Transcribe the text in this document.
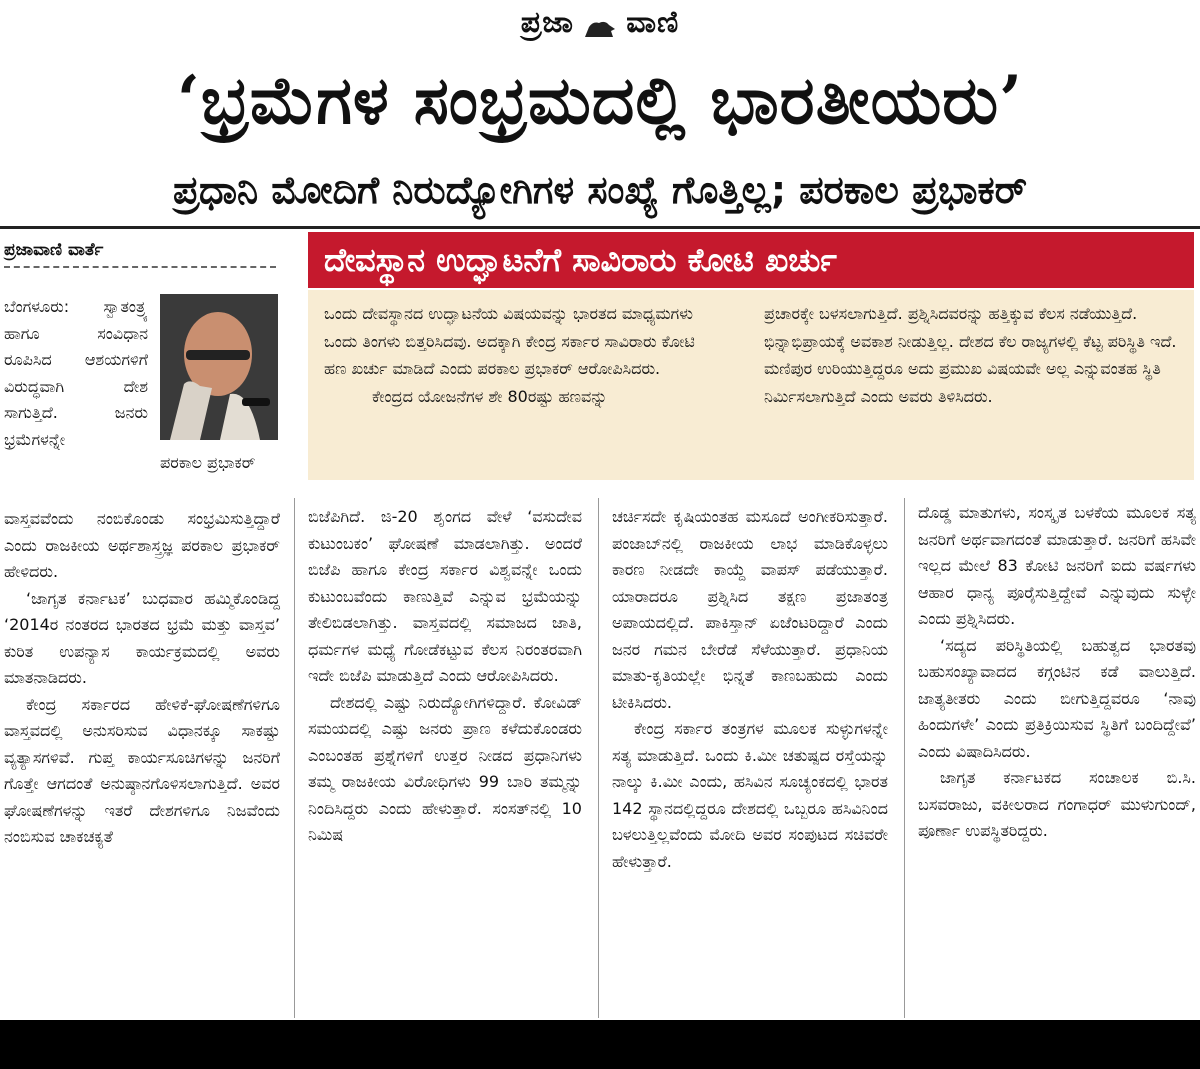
ಪ್ರಜಾ ವಾಣಿ
‘ಭ್ರಮೆಗಳ ಸಂಭ್ರಮದಲ್ಲಿ ಭಾರತೀಯರು’
ಪ್ರಧಾನಿ ಮೋದಿಗೆ ನಿರುದ್ಯೋಗಿಗಳ ಸಂಖ್ಯೆ ಗೊತ್ತಿಲ್ಲ; ಪರಕಾಲ ಪ್ರಭಾಕರ್
ಪ್ರಜಾವಾಣಿ ವಾರ್ತೆ	ದೇವಸ್ಥಾನ ಉದ್ಘಾಟನೆಗೆ ಸಾವಿರಾರು ಕೋಟಿ ಖರ್ಚು
ಒಂದು ದೇವಸ್ಥಾನದ ಉದ್ಘಾಟನೆಯ ವಿಷಯವನ್ನು ಭಾರತದ ಮಾಧ್ಯಮಗಳು ಒಂದು ತಿಂಗಳು ಬಿತ್ತರಿಸಿದವು. ಅದಕ್ಕಾಗಿ ಕೇಂದ್ರ ಸರ್ಕಾರ ಸಾವಿರಾರು ಕೋಟಿ ಹಣ ಖರ್ಚು ಮಾಡಿದೆ ಎಂದು ಪರಕಾಲ ಪ್ರಭಾಕರ್ ಆರೋಪಿಸಿದರು.
ಕೇಂದ್ರದ ಯೋಜನೆಗಳ ಶೇ 80ರಷ್ಟು ಹಣವನ್ನು
ಪ್ರಚಾರಕ್ಕೇ ಬಳಸಲಾಗುತ್ತಿದೆ. ಪ್ರಶ್ನಿಸಿದವರನ್ನು ಹತ್ತಿಕ್ಕುವ ಕೆಲಸ ನಡೆಯುತ್ತಿದೆ. ಭಿನ್ನಾಭಿಪ್ರಾಯಕ್ಕೆ ಅವಕಾಶ ನೀಡುತ್ತಿಲ್ಲ. ದೇಶದ ಕೆಲ ರಾಜ್ಯಗಳಲ್ಲಿ ಕೆಟ್ಟ ಪರಿಸ್ಥಿತಿ ಇದೆ. ಮಣಿಪುರ ಉರಿಯುತ್ತಿದ್ದರೂ ಅದು ಪ್ರಮುಖ ವಿಷಯವೇ ಅಲ್ಲ ಎನ್ನುವಂತಹ ಸ್ಥಿತಿ ನಿರ್ಮಿಸಲಾಗುತ್ತಿದೆ ಎಂದು ಅವರು ತಿಳಿಸಿದರು.
ಪರಕಾಲ ಪ್ರಭಾಕರ್

ಬೆಂಗಳೂರು: ಸ್ವಾತಂತ್ರ್ಯ ಹಾಗೂ ಸಂವಿಧಾನ ರೂಪಿಸಿದ ಆಶಯಗಳಿಗೆ ವಿರುದ್ಧವಾಗಿ ದೇಶ ಸಾಗುತ್ತಿದೆ. ಜನರು ಭ್ರಮೆಗಳನ್ನೇ

ವಾಸ್ತವವೆಂದು ನಂಬಿಕೊಂಡು ಸಂಭ್ರಮಿಸುತ್ತಿದ್ದಾರೆ ಎಂದು ರಾಜಕೀಯ ಅರ್ಥಶಾಸ್ತ್ರಜ್ಞ ಪರಕಾಲ ಪ್ರಭಾಕರ್ ಹೇಳಿದರು.

‘ಜಾಗೃತ ಕರ್ನಾಟಕ’ ಬುಧವಾರ ಹಮ್ಮಿಕೊಂಡಿದ್ದ ‘2014ರ ನಂತರದ ಭಾರತದ ಭ್ರಮೆ ಮತ್ತು ವಾಸ್ತವ’ ಕುರಿತ ಉಪನ್ಯಾಸ ಕಾರ್ಯಕ್ರಮದಲ್ಲಿ ಅವರು ಮಾತನಾಡಿದರು.

ಕೇಂದ್ರ ಸರ್ಕಾರದ ಹೇಳಿಕೆ-ಘೋಷಣೆಗಳಿಗೂ ವಾಸ್ತವದಲ್ಲಿ ಅನುಸರಿಸುವ ವಿಧಾನಕ್ಕೂ ಸಾಕಷ್ಟು ವ್ಯತ್ಯಾಸಗಳಿವೆ. ಗುಪ್ತ ಕಾರ್ಯಸೂಚಿಗಳನ್ನು ಜನರಿಗೆ ಗೊತ್ತೇ ಆಗದಂತೆ ಅನುಷ್ಠಾನಗೊಳಿಸಲಾಗುತ್ತಿದೆ. ಅವರ ಘೋಷಣೆಗಳನ್ನು ಇತರೆ ದೇಶಗಳಿಗೂ ನಿಜವೆಂದು ನಂಬಿಸುವ ಚಾಕಚಕ್ಯತೆ

ಬಿಜೆಪಿಗಿದೆ. ಜಿ-20 ಶೃಂಗದ ವೇಳೆ ‘ವಸುದೇವ ಕುಟುಂಬಕಂ’ ಘೋಷಣೆ ಮಾಡಲಾಗಿತ್ತು. ಅಂದರೆ ಬಿಜೆಪಿ ಹಾಗೂ ಕೇಂದ್ರ ಸರ್ಕಾರ ವಿಶ್ವವನ್ನೇ ಒಂದು ಕುಟುಂಬವೆಂದು ಕಾಣುತ್ತಿವೆ ಎನ್ನುವ ಭ್ರಮೆಯನ್ನು ತೇಲಿಬಿಡಲಾಗಿತ್ತು. ವಾಸ್ತವದಲ್ಲಿ ಸಮಾಜದ ಜಾತಿ, ಧರ್ಮಗಳ ಮಧ್ಯೆ ಗೋಡೆಕಟ್ಟುವ ಕೆಲಸ ನಿರಂತರವಾಗಿ ಇದೇ ಬಿಜೆಪಿ ಮಾಡುತ್ತಿದೆ ಎಂದು ಆರೋಪಿಸಿದರು.

ದೇಶದಲ್ಲಿ ಎಷ್ಟು ನಿರುದ್ಯೋಗಿಗಳಿದ್ದಾರೆ. ಕೋವಿಡ್ ಸಮಯದಲ್ಲಿ ಎಷ್ಟು ಜನರು ಪ್ರಾಣ ಕಳೆದುಕೊಂಡರು ಎಂಬಂತಹ ಪ್ರಶ್ನೆಗಳಿಗೆ ಉತ್ತರ ನೀಡದ ಪ್ರಧಾನಿಗಳು ತಮ್ಮ ರಾಜಕೀಯ ವಿರೋಧಿಗಳು 99 ಬಾರಿ ತಮ್ಮನ್ನು ನಿಂದಿಸಿದ್ದರು ಎಂದು ಹೇಳುತ್ತಾರೆ. ಸಂಸತ್‌ನಲ್ಲಿ 10 ನಿಮಿಷ

ಚರ್ಚಿಸದೇ ಕೃಷಿಯಂತಹ ಮಸೂದೆ ಅಂಗೀಕರಿಸುತ್ತಾರೆ. ಪಂಜಾಬ್‌ನಲ್ಲಿ ರಾಜಕೀಯ ಲಾಭ ಮಾಡಿಕೊಳ್ಳಲು ಕಾರಣ ನೀಡದೇ ಕಾಯ್ದೆ ವಾಪಸ್ ಪಡೆಯುತ್ತಾರೆ. ಯಾರಾದರೂ ಪ್ರಶ್ನಿಸಿದ ತಕ್ಷಣ ಪ್ರಜಾತಂತ್ರ ಅಪಾಯದಲ್ಲಿದೆ. ಪಾಕಿಸ್ತಾನ್ ಏಜೆಂಟರಿದ್ದಾರೆ ಎಂದು ಜನರ ಗಮನ ಬೇರೆಡೆ ಸೆಳೆಯುತ್ತಾರೆ. ಪ್ರಧಾನಿಯ ಮಾತು-ಕೃತಿಯಲ್ಲೇ ಭಿನ್ನತೆ ಕಾಣಬಹುದು ಎಂದು ಟೀಕಿಸಿದರು.

ಕೇಂದ್ರ ಸರ್ಕಾರ ತಂತ್ರಗಳ ಮೂಲಕ ಸುಳ್ಳುಗಳನ್ನೇ ಸತ್ಯ ಮಾಡುತ್ತಿದೆ. ಒಂದು ಕಿ.ಮೀ ಚತುಷ್ಪದ ರಸ್ತೆಯನ್ನು ನಾಲ್ಕು ಕಿ.ಮೀ ಎಂದು, ಹಸಿವಿನ ಸೂಚ್ಯಂಕದಲ್ಲಿ ಭಾರತ 142 ಸ್ಥಾನದಲ್ಲಿದ್ದರೂ ದೇಶದಲ್ಲಿ ಒಬ್ಬರೂ ಹಸಿವಿನಿಂದ ಬಳಲುತ್ತಿಲ್ಲವೆಂದು ಮೋದಿ ಅವರ ಸಂಪುಟದ ಸಚಿವರೇ ಹೇಳುತ್ತಾರೆ.

ದೊಡ್ಡ ಮಾತುಗಳು, ಸಂಸ್ಕೃತ ಬಳಕೆಯ ಮೂಲಕ ಸತ್ಯ ಜನರಿಗೆ ಅರ್ಥವಾಗದಂತೆ ಮಾಡುತ್ತಾರೆ. ಜನರಿಗೆ ಹಸಿವೇ ಇಲ್ಲದ ಮೇಲೆ 83 ಕೋಟಿ ಜನರಿಗೆ ಐದು ವರ್ಷಗಳು ಆಹಾರ ಧಾನ್ಯ ಪೂರೈಸುತ್ತಿದ್ದೇವೆ ಎನ್ನುವುದು ಸುಳ್ಳೇ ಎಂದು ಪ್ರಶ್ನಿಸಿದರು.

‘ಸದ್ಯದ ಪರಿಸ್ಥಿತಿಯಲ್ಲಿ ಬಹುತ್ವದ ಭಾರತವು ಬಹುಸಂಖ್ಯಾವಾದದ ಕಗ್ಗಂಟಿನ ಕಡೆ ವಾಲುತ್ತಿದೆ. ಜಾತ್ಯತೀತರು ಎಂದು ಬೀಗುತ್ತಿದ್ದವರೂ ‘ನಾವು ಹಿಂದುಗಳೇ’ ಎಂದು ಪ್ರತಿಕ್ರಿಯಿಸುವ ಸ್ಥಿತಿಗೆ ಬಂದಿದ್ದೇವೆ’ ಎಂದು ವಿಷಾದಿಸಿದರು.

ಜಾಗೃತ ಕರ್ನಾಟಕದ ಸಂಚಾಲಕ ಬಿ.ಸಿ. ಬಸವರಾಜು, ವಕೀಲರಾದ ಗಂಗಾಧರ್ ಮುಳುಗುಂದ್, ಪೂರ್ಣಾ ಉಪಸ್ಥಿತರಿದ್ದರು.
